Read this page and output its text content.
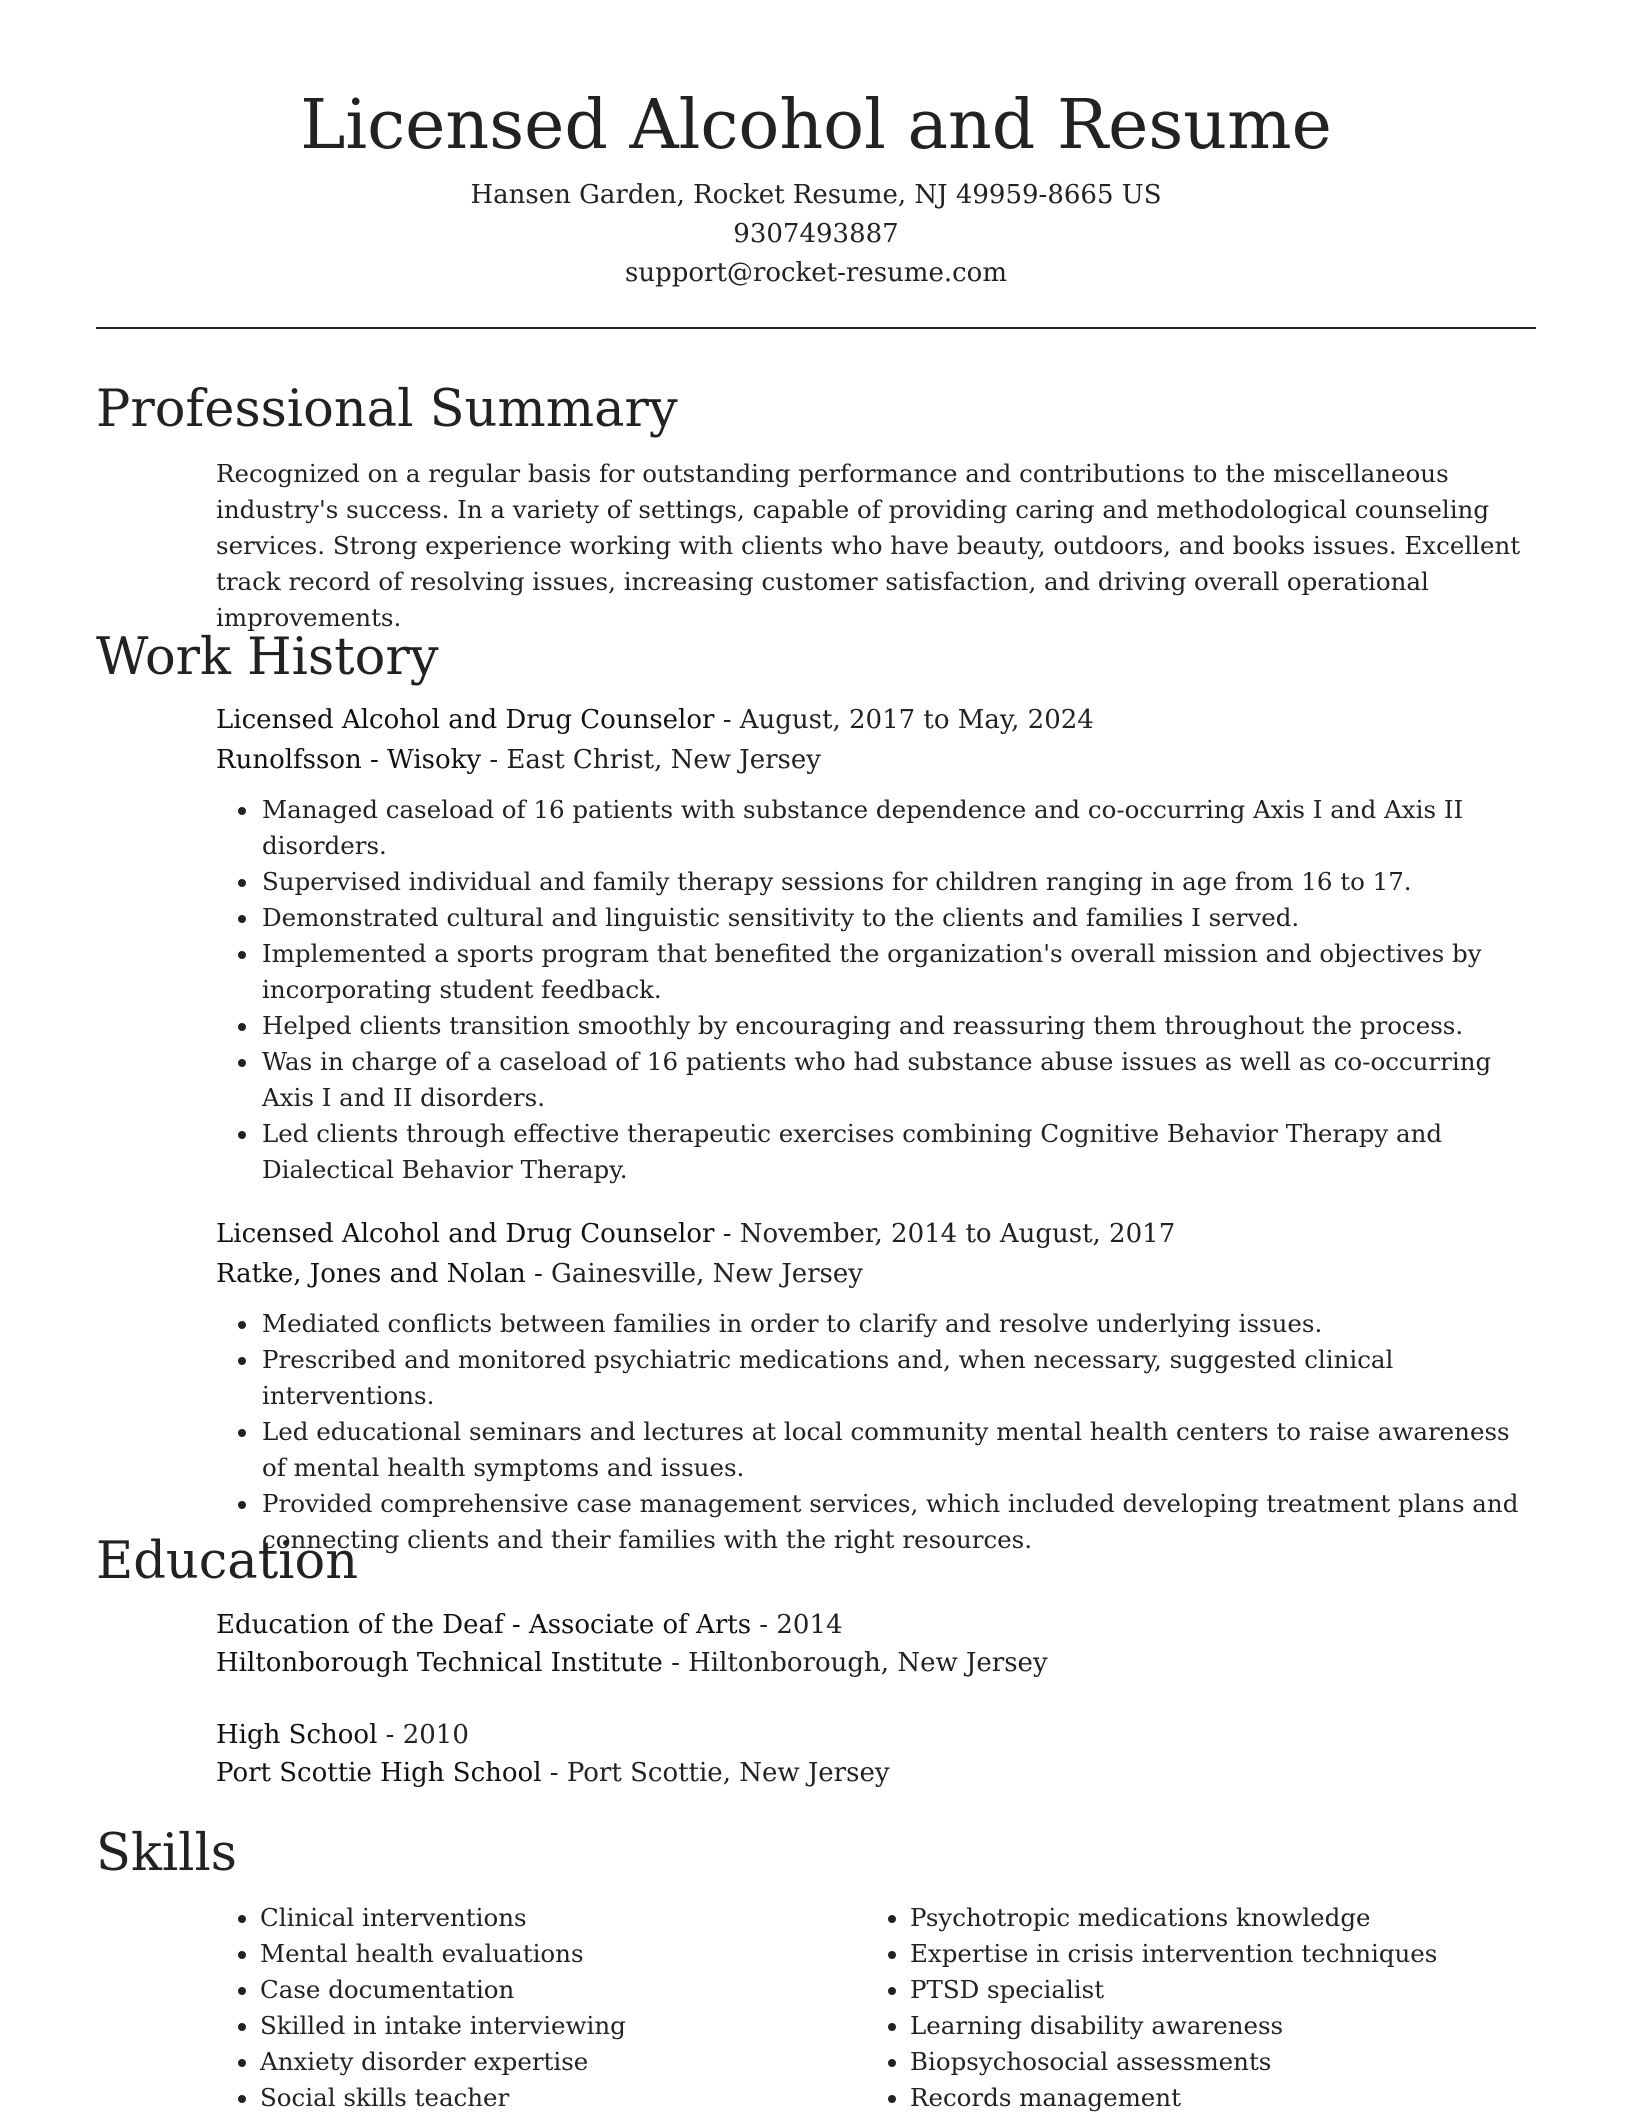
Licensed Alcohol and Resume
Hansen Garden, Rocket Resume, NJ 49959-8665 US
9307493887
support@rocket-resume.com
Professional Summary

Recognized on a regular basis for outstanding performance and contributions to the miscellaneous industry's success. In a variety of settings, capable of providing caring and methodological counseling services. Strong experience working with clients who have beauty, outdoors, and books issues. Excellent track record of resolving issues, increasing customer satisfaction, and driving overall operational improvements.

Work History
Licensed Alcohol and Drug Counselor - August, 2017 to May, 2024
Runolfsson - Wisoky - East Christ, New Jersey
• Managed caseload of 16 patients with substance dependence and co-occurring Axis I and Axis II disorders.
• Supervised individual and family therapy sessions for children ranging in age from 16 to 17.
• Demonstrated cultural and linguistic sensitivity to the clients and families I served.
• Implemented a sports program that benefited the organization's overall mission and objectives by incorporating student feedback.
• Helped clients transition smoothly by encouraging and reassuring them throughout the process.
• Was in charge of a caseload of 16 patients who had substance abuse issues as well as co-occurring Axis I and II disorders.
• Led clients through effective therapeutic exercises combining Cognitive Behavior Therapy and Dialectical Behavior Therapy.
Licensed Alcohol and Drug Counselor - November, 2014 to August, 2017
Ratke, Jones and Nolan - Gainesville, New Jersey
• Mediated conflicts between families in order to clarify and resolve underlying issues.
• Prescribed and monitored psychiatric medications and, when necessary, suggested clinical interventions.
• Led educational seminars and lectures at local community mental health centers to raise awareness of mental health symptoms and issues.
• Provided comprehensive case management services, which included developing treatment plans and connecting clients and their families with the right resources.
Education
Education of the Deaf - Associate of Arts - 2014
Hiltonborough Technical Institute - Hiltonborough, New Jersey
High School - 2010
Port Scottie High School - Port Scottie, New Jersey
Skills
• Clinical interventions
• Mental health evaluations
• Case documentation
• Skilled in intake interviewing
• Anxiety disorder expertise
• Social skills teacher
• Psychotropic medications knowledge
• Expertise in crisis intervention techniques
• PTSD specialist
• Learning disability awareness
• Biopsychosocial assessments
• Records management
